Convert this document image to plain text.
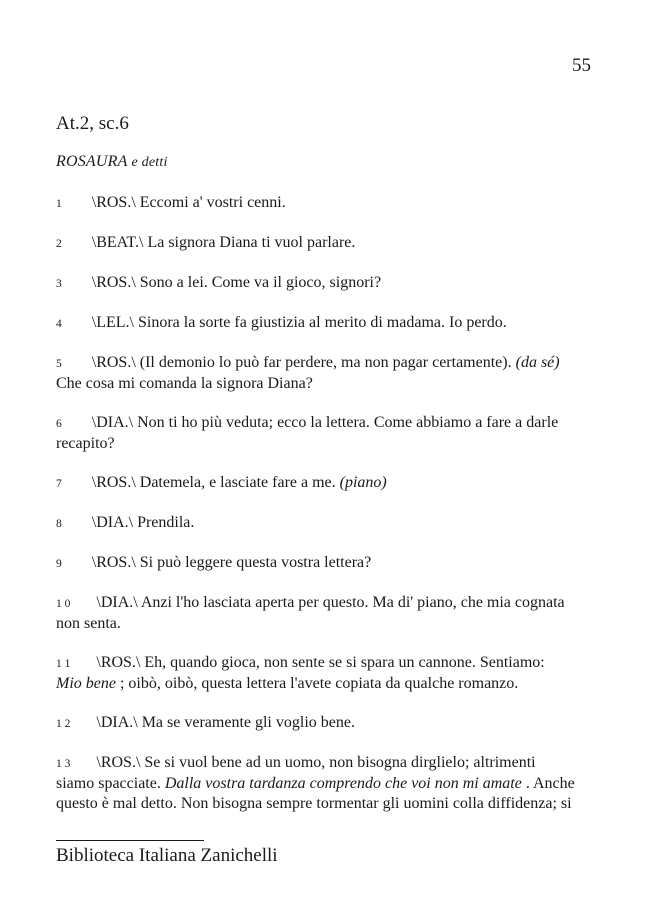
55
At.2, sc.6
ROSAURA e detti
1 \ROS.\ Eccomi a' vostri cenni.
2 \BEAT.\ La signora Diana ti vuol parlare.
3 \ROS.\ Sono a lei. Come va il gioco, signori?
4 \LEL.\ Sinora la sorte fa giustizia al merito di madama. Io perdo.
5 \ROS.\ (Il demonio lo può far perdere, ma non pagar certamente). (da sé)
Che cosa mi comanda la signora Diana?
6 \DIA.\ Non ti ho più veduta; ecco la lettera. Come abbiamo a fare a darle
recapito?
7 \ROS.\ Datemela, e lasciate fare a me. (piano)
8 \DIA.\ Prendila.
9 \ROS.\ Si può leggere questa vostra lettera?
1 0 \DIA.\ Anzi l'ho lasciata aperta per questo. Ma di' piano, che mia cognata
non senta.
1 1 \ROS.\ Eh, quando gioca, non sente se si spara un cannone. Sentiamo:
Mio bene ; oibò, oibò, questa lettera l'avete copiata da qualche romanzo.
1 2 \DIA.\ Ma se veramente gli voglio bene.
1 3 \ROS.\ Se si vuol bene ad un uomo, non bisogna dirglielo; altrimenti
siamo spacciate. Dalla vostra tardanza comprendo che voi non mi amate . Anche
questo è mal detto. Non bisogna sempre tormentar gli uomini colla diffidenza; si
Biblioteca Italiana Zanichelli
